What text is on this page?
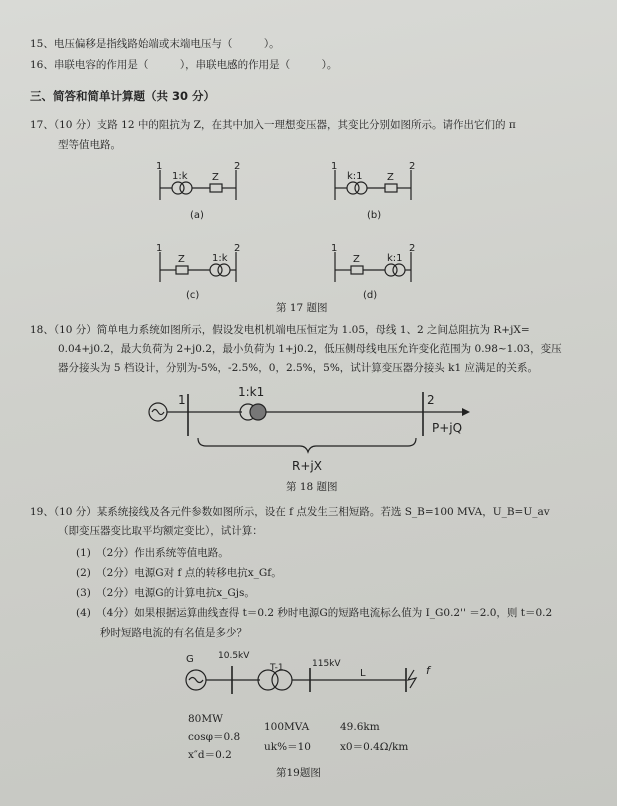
15、电压偏移是指线路始端或末端电压与（　　　）。
16、串联电容的作用是（　　　），串联电感的作用是（　　　）。
三、简答和简单计算题（共 30 分）
17、（10 分）支路 12 中的阻抗为 Z，在其中加入一理想变压器，其变比分别如图所示。请作出它们的 π
型等值电路。
1	2
1:k Z
(a)
1	2
k:1 Z
(b)
1	2
1:k
Z
(c)
1	2
k:1
Z
(d)
第 17 题图
18、（10 分）简单电力系统如图所示，假设发电机机端电压恒定为 1.05，母线 1、2 之间总阻抗为 R+jX=
0.04+j0.2，最大负荷为 2+j0.2，最小负荷为 1+j0.2，低压侧母线电压允许变化范围为 0.98~1.03，变压
器分接头为 5 档设计，分别为-5%，-2.5%，0，2.5%，5%，试计算变压器分接头 k1 应满足的关系。
1
1:k1
2
P+jQ
R+jX
第 18 题图
19、（10 分）某系统接线及各元件参数如图所示，设在 f 点发生三相短路。若选 S_B=100 MVA，U_B=U_av
（即变压器变比取平均额定变比），试计算：
(1)　（2分）作出系统等值电路。
(2)　（2分）电源G对 f 点的转移电抗x_Gf。
(3)　（2分）电源G的计算电抗x_Gjs。
(4)　（4分）如果根据运算曲线查得 t＝0.2 秒时电源G的短路电流标么值为 I_G0.2'' ＝2.0，则 t＝0.2
秒时短路电流的有名值是多少？
G	10.5kV
T-1	115kV
L	f
80MW
cosφ＝0.8
x″d＝0.2
100MVA
uk%＝10
49.6km
x0＝0.4Ω/km
第19题图
